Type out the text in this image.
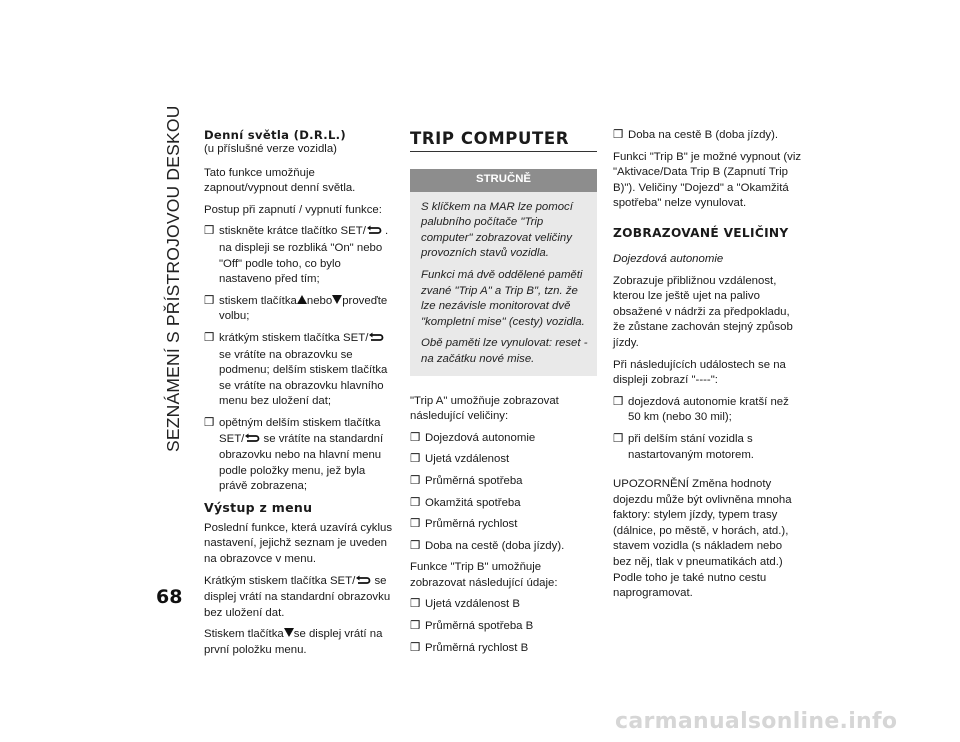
SEZNÁMENÍ S PŘÍSTROJOVOU DESKOU
68
Denní světla (D.R.L.)

(u příslušné verze vozidla)

Tato funkce umožňuje zapnout/vypnout denní světla.

Postup při zapnutí / vypnutí funkce:

❒ stiskněte krátce tlačítko SET/ . na displeji se rozbliká "On" nebo "Off" podle toho, co bylo nastaveno před tím;
❒ stiskem tlačítka nebo proveďte volbu;
❒ krátkým stiskem tlačítka SET/ se vrátíte na obrazovku se podmenu; delším stiskem tlačítka se vrátíte na obrazovku hlavního menu bez uložení dat;
❒ opětným delším stiskem tlačítka SET/ se vrátíte na standardní obrazovku nebo na hlavní menu podle položky menu, jež byla právě zobrazena;
Výstup z menu

Poslední funkce, která uzavírá cyklus nastavení, jejichž seznam je uveden na obrazovce v menu.

Krátkým stiskem tlačítka SET/ se displej vrátí na standardní obrazovku bez uložení dat.

Stiskem tlačítka se displej vrátí na první položku menu.

TRIP COMPUTER
STRUČNĚ

S klíčkem na MAR lze pomocí palubního počítače "Trip computer" zobrazovat veličiny provozních stavů vozidla.

Funkci má dvě oddělené paměti zvané "Trip A" a Trip B", tzn. že lze nezávisle monitorovat dvě "kompletní mise" (cesty) vozidla.

Obě paměti lze vynulovat: reset - na začátku nové mise.

"Trip A" umožňuje zobrazovat následující veličiny:

❒ Dojezdová autonomie
❒ Ujetá vzdálenost
❒ Průměrná spotřeba
❒ Okamžitá spotřeba
❒ Průměrná rychlost
❒ Doba na cestě (doba jízdy).

Funkce "Trip B" umožňuje zobrazovat následující údaje:

❒ Ujetá vzdálenost B
❒ Průměrná spotřeba B
❒ Průměrná rychlost B
❒ Doba na cestě B (doba jízdy).

Funkci "Trip B" je možné vypnout (viz "Aktivace/Data Trip B (Zapnutí Trip B)"). Veličiny "Dojezd" a "Okamžitá spotřeba" nelze vynulovat.

ZOBRAZOVANÉ VELIČINY

Dojezdová autonomie

Zobrazuje přibližnou vzdálenost, kterou lze ještě ujet na palivo obsažené v nádrži za předpokladu, že zůstane zachován stejný způsob jízdy.

Při následujících událostech se na displeji zobrazí "----":

❒ dojezdová autonomie kratší než 50 km (nebo 30 mil);
❒ při delším stání vozidla s nastartovaným motorem.

UPOZORNĚNÍ Změna hodnoty dojezdu může být ovlivněna mnoha faktory: stylem jízdy, typem trasy (dálnice, po městě, v horách, atd.), stavem vozidla (s nákladem nebo bez něj, tlak v pneumatikách atd.) Podle toho je také nutno cestu naprogramovat.

carmanualsonline.info
